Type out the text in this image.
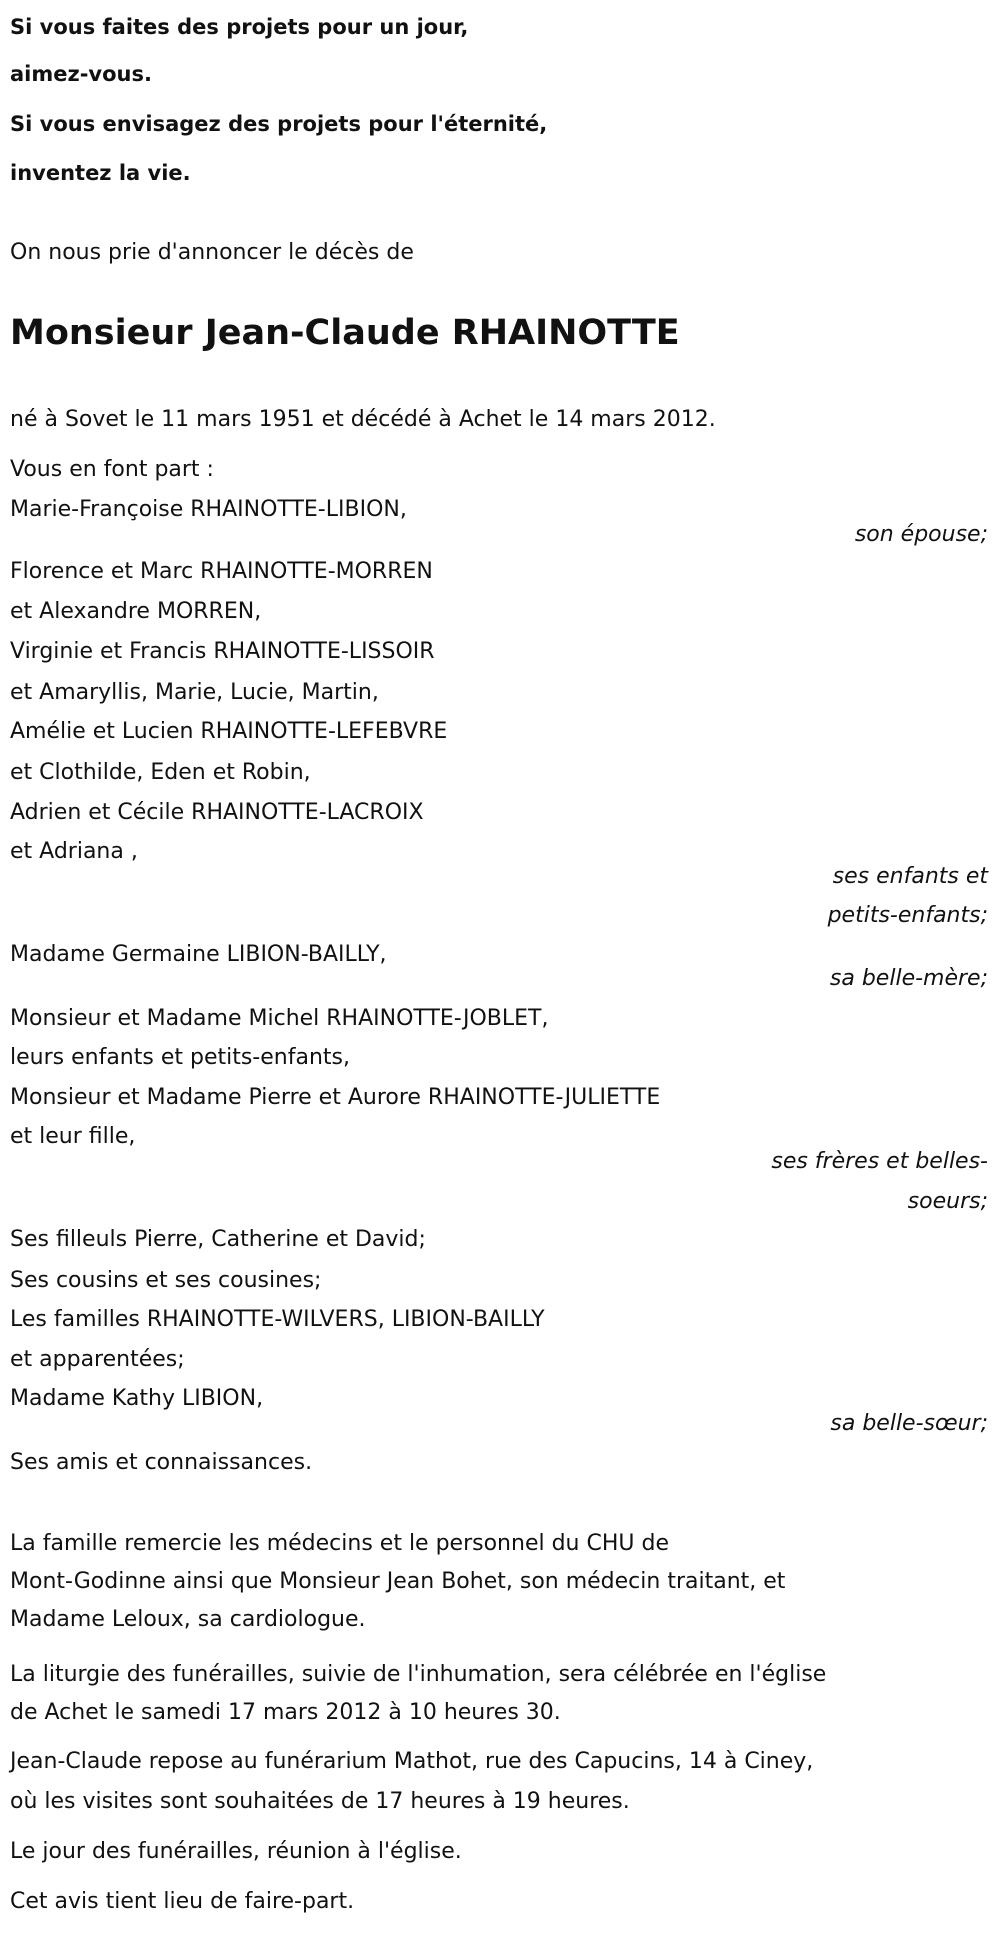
Si vous faites des projets pour un jour,
aimez-vous.
Si vous envisagez des projets pour l'éternité,
inventez la vie.
On nous prie d'annoncer le décès de
Monsieur Jean-Claude RHAINOTTE
né à Sovet le 11 mars 1951 et décédé à Achet le 14 mars 2012.
Vous en font part :
Marie-Françoise RHAINOTTE-LIBION,
son épouse;
Florence et Marc RHAINOTTE-MORREN
et Alexandre MORREN,
Virginie et Francis RHAINOTTE-LISSOIR
et Amaryllis, Marie, Lucie, Martin,
Amélie et Lucien RHAINOTTE-LEFEBVRE
et Clothilde, Eden et Robin,
Adrien et Cécile RHAINOTTE-LACROIX
et Adriana ,
ses enfants et
petits-enfants;
Madame Germaine LIBION-BAILLY,
sa belle-mère;
Monsieur et Madame Michel RHAINOTTE-JOBLET,
leurs enfants et petits-enfants,
Monsieur et Madame Pierre et Aurore RHAINOTTE-JULIETTE
et leur fille,
ses frères et belles-
soeurs;
Ses filleuls Pierre, Catherine et David;
Ses cousins et ses cousines;
Les familles RHAINOTTE-WILVERS, LIBION-BAILLY
et apparentées;
Madame Kathy LIBION,
sa belle-sœur;
Ses amis et connaissances.
La famille remercie les médecins et le personnel du CHU de
Mont-Godinne ainsi que Monsieur Jean Bohet, son médecin traitant, et
Madame Leloux, sa cardiologue.
La liturgie des funérailles, suivie de l'inhumation, sera célébrée en l'église
de Achet le samedi 17 mars 2012 à 10 heures 30.
Jean-Claude repose au funérarium Mathot, rue des Capucins, 14 à Ciney,
où les visites sont souhaitées de 17 heures à 19 heures.
Le jour des funérailles, réunion à l'église.
Cet avis tient lieu de faire-part.
